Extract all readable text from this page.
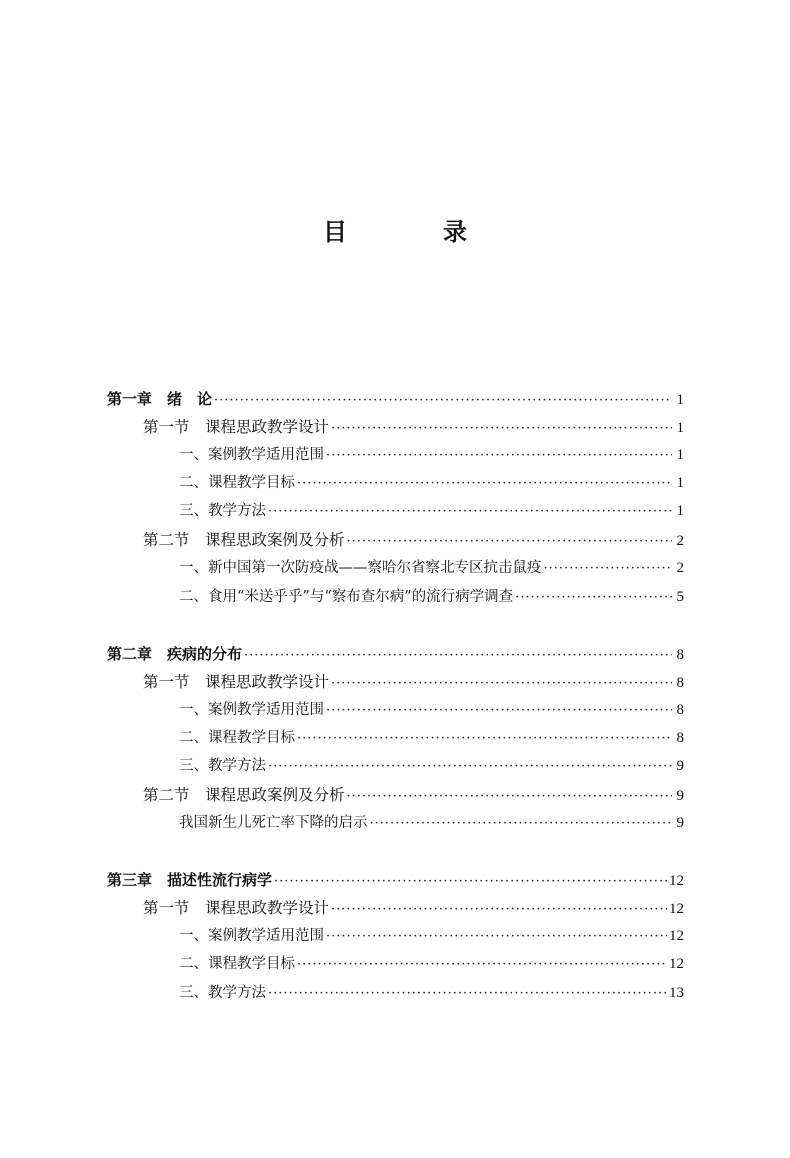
目　录
第一章　绪　论 ·····	1
第一节　课程思政教学设计 ·····	1
一、案例教学适用范围 ·····	1
二、课程教学目标 ·····	1
三、教学方法 ·····	1
第二节　课程思政案例及分析 ·····	2
一、新中国第一次防疫战——察哈尔省察北专区抗击鼠疫 ·····	2
二、食用“米送乎乎”与“察布查尔病”的流行病学调查 ·····	5
第二章　疾病的分布 ·····	8
第一节　课程思政教学设计 ·····	8
一、案例教学适用范围 ·····	8
二、课程教学目标 ·····	8
三、教学方法 ·····	9
第二节　课程思政案例及分析 ·····	9
我国新生儿死亡率下降的启示 ·····	9
第三章　描述性流行病学 ·····	12
第一节　课程思政教学设计 ·····	12
一、案例教学适用范围 ·····	12
二、课程教学目标 ·····	12
三、教学方法 ·····	13
